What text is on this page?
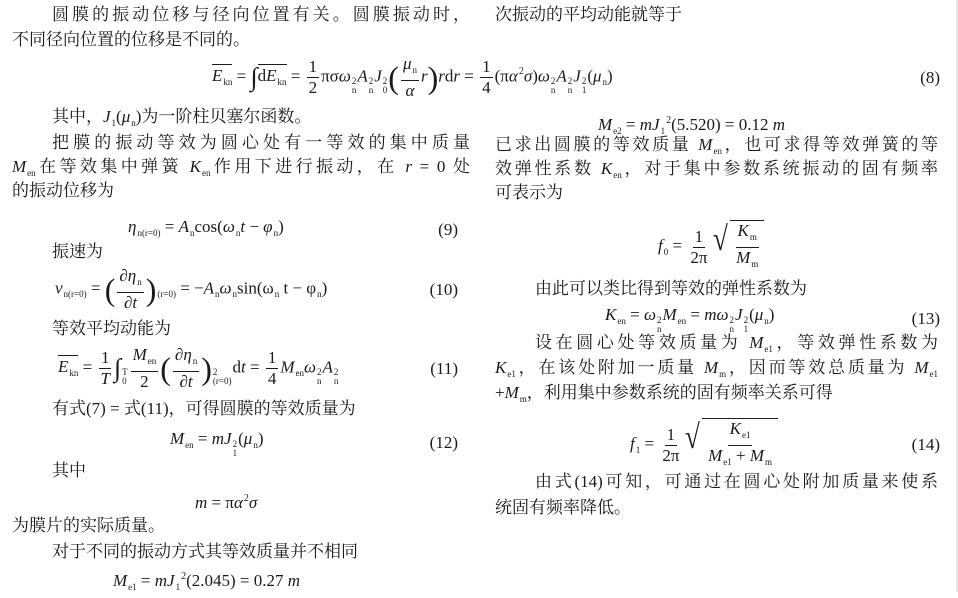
圆膜的振动位移与径向位置有关。圆膜振动时，
不同径向位置的位移是不同的。
$E_{kn} = \int dE_{kn} = \frac{1}{2}$ πσω 2
n
A 2
n
J 2
0 ( $\frac{\mu_n}{\alpha} r)rdr = \frac{1}{4} (\pi\alpha^2\sigma)\omega$ 2
n
A 2
n
J 2
1
$(\mu_n)$	(8)
其中，$J_1(\mu_n)$为一阶柱贝塞尔函数。
把膜的振动等效为圆心处有一等效的集中质量
$M_{en}$在等效集中弹簧 $K_{en}$作用下进行振动，在 r = 0 处
的振动位移为
$\eta_{n(r=0)} = A_n\cos(\omega_nt - \varphi_n)$	(9)
振速为
$v_{n(r=0)}$ = ( $\frac{\partial\eta_n}{\partial t} )_{(r=0)} = -A_n\omega_n\sin(\omega_n$ $t - \varphi_n$)	(10)
等效平均动能为
$E_{kn} = \frac{1}{T}$ ∫ T
$0 \frac{M_{en}}{2}$ ( $\frac{\partial\eta_n}{\partial t}$ ) 2
(r=0)
dt = $\frac{1}{4} M_{en}\omega$ 2
n
A 2
n
(11)
有式(7) = 式(11)，可得圆膜的等效质量为
$M_{en}$ = mJ 2
1
$(\mu_n)$	(12)
其中
$m = \pi\alpha^2\sigma$
为膜片的实际质量。
对于不同的振动方式其等效质量并不相同
$M_{e1} = mJ_1^2(2.045) = 0.27$ m
次振动的平均动能就等于
$M_{e2} = mJ_1^2(5.520) = 0.12$ m
已求出圆膜的等效质量 $M_{en}$，也可求得等效弹簧的等
效弹性系数 $K_{en}$，对于集中参数系统振动的固有频率
可表示为
$f_0 = \frac{1}{2\pi}$ √ $\frac{K_m}{M_m}$
由此可以类比得到等效的弹性系数为
$K_{en} = \omega$ 2
n
$M_{en} = m\omega$ 2
n
J 2
1
$(\mu_n)$	(13)
设在圆心处等效质量为 $M_{e1}$，等效弹性系数为
$K_{e1}$，在该处附加一质量 $M_m$，因而等效总质量为 $M_{e1}$
$+M_m$，利用集中参数系统的固有频率关系可得
$f_1 = \frac{1}{2\pi}$ √ $\frac{K_{e1}}{M_{e1} + M_m}$	(14)
由式(14)可知，可通过在圆心处附加质量来使系
统固有频率降低。
